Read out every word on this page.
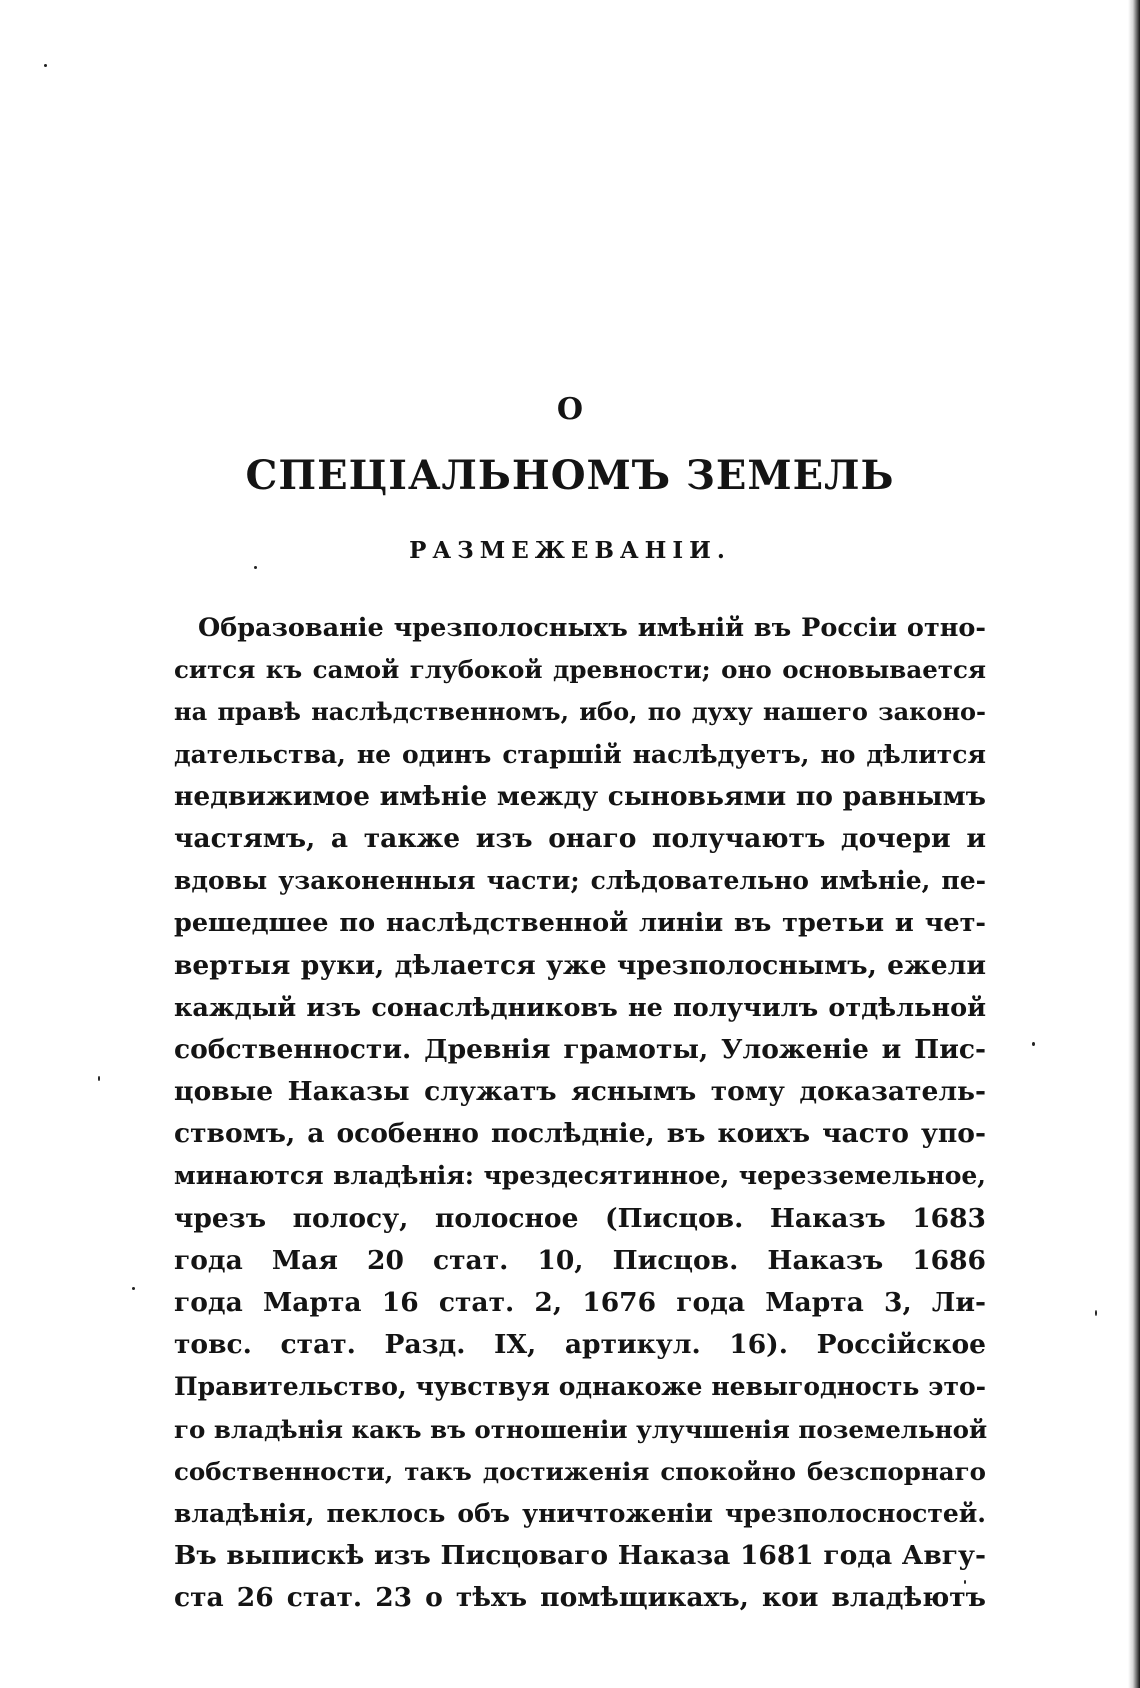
О
СПЕЦІАЛЬНОМЪ ЗЕМЕЛЬ
РАЗМЕЖЕВАНІИ.
Образованіе чрезполосныхъ имѣній въ Россіи отно-
сится къ самой глубокой древности; оно основывается
на правѣ наслѣдственномъ, ибо, по духу нашего законо-
дательства, не одинъ старшій наслѣдуетъ, но дѣлится
недвижимое имѣніе между сыновьями по равнымъ
частямъ, а также изъ онаго получаютъ дочери и
вдовы узаконенныя части; слѣдовательно имѣніе, пе-
решедшее по наслѣдственной линіи въ третьи и чет-
вертыя руки, дѣлается уже чрезполоснымъ, ежели
каждый изъ сонаслѣдниковъ не получилъ отдѣльной
собственности. Древнія грамоты, Уложеніе и Пис-
цовые Наказы служатъ яснымъ тому доказатель-
ствомъ, а особенно послѣдніе, въ коихъ часто упо-
минаются владѣнія: чрездесятинное, черезземельное,
чрезъ полосу, полосное (Писцов. Наказъ 1683
года Мая 20 стат. 10, Писцов. Наказъ 1686
года Марта 16 стат. 2, 1676 года Марта 3, Ли-
товс. стат. Разд. IX, артикул. 16). Россійское
Правительство, чувствуя однакоже невыгодность это-
го владѣнія какъ въ отношеніи улучшенія поземельной
собственности, такъ достиженія спокойно безспорнаго
владѣнія, пеклось объ уничтоженіи чрезполосностей.
Въ выпискѣ изъ Писцоваго Наказа 1681 года Авгу-
ста 26 стат. 23 о тѣхъ помѣщикахъ, кои владѣютъ
